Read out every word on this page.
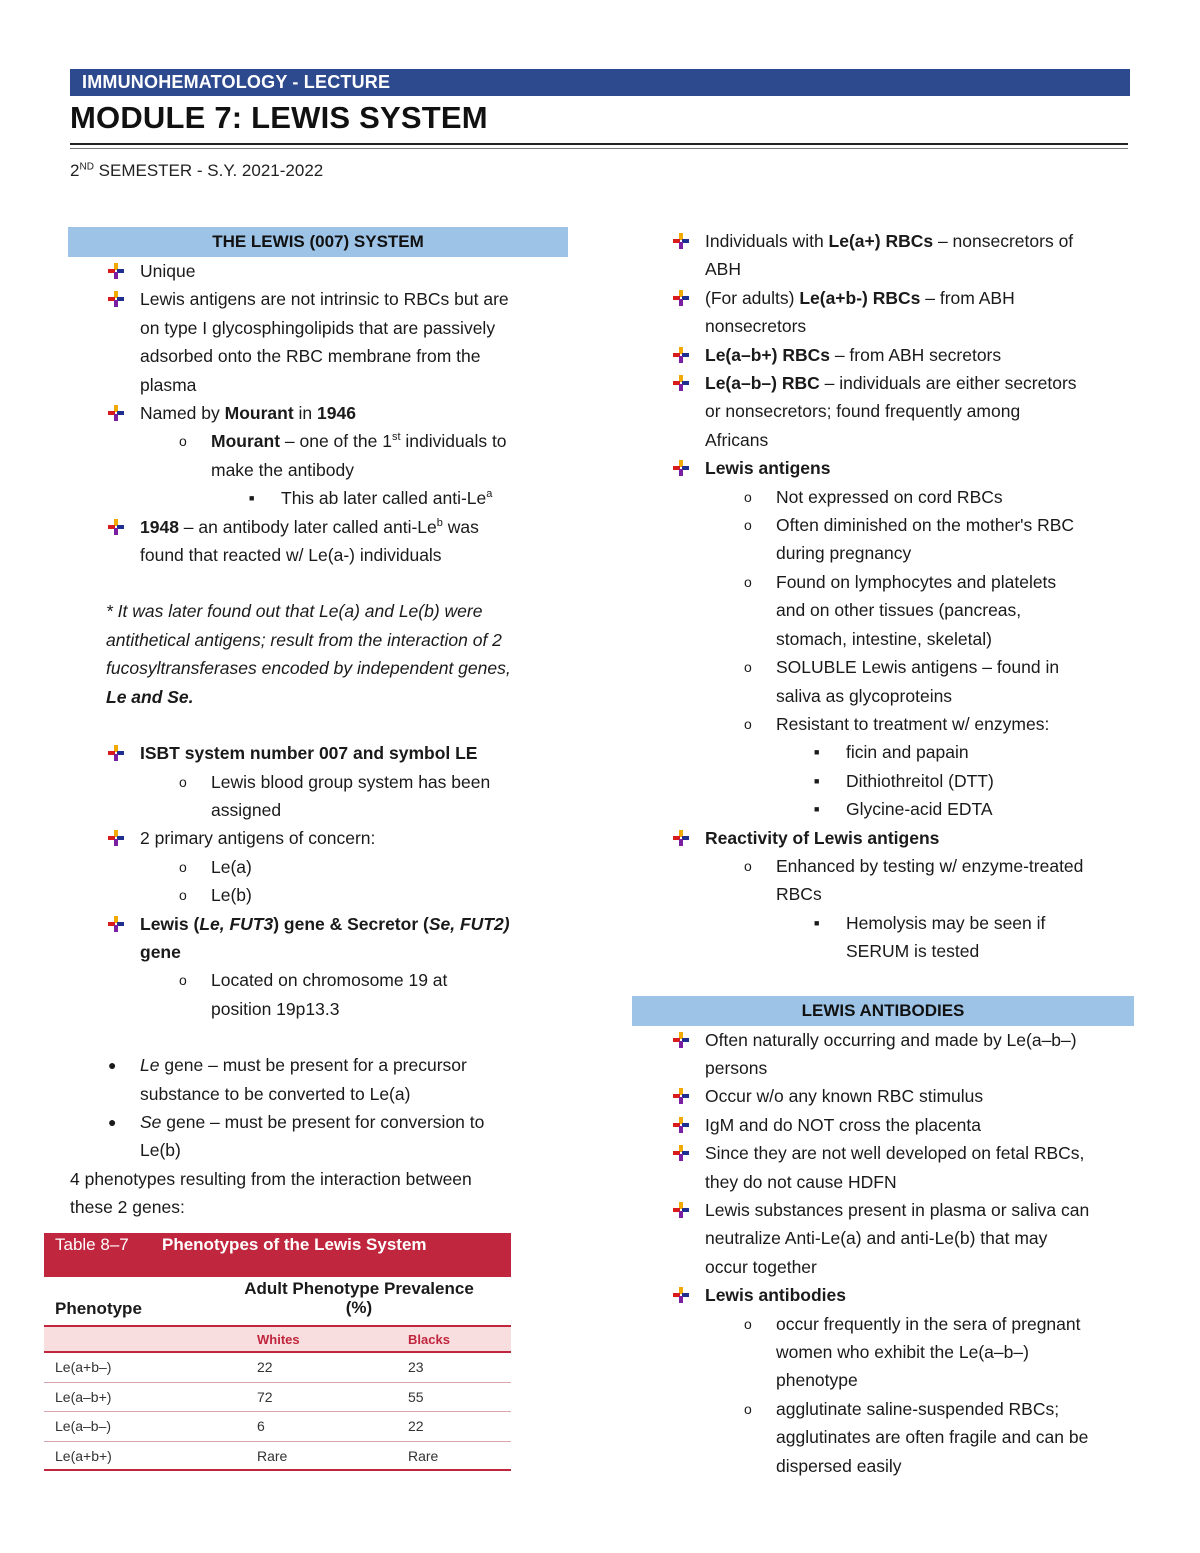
IMMUNOHEMATOLOGY - LECTURE
MODULE 7: LEWIS SYSTEM
2ND SEMESTER - S.Y. 2021-2022
THE LEWIS (007) SYSTEM
Unique
Lewis antigens are not intrinsic to RBCs but are
on type I glycosphingolipids that are passively
adsorbed onto the RBC membrane from the
plasma
Named by Mourant in 1946
o Mourant – one of the 1st individuals to
make the antibody
■ This ab later called anti-Le$^a$
1948 – an antibody later called anti-Le$^b$ was
found that reacted w/ Le(a-) individuals
* It was later found out that Le(a) and Le(b) were
antithetical antigens; result from the interaction of 2
fucosyltransferases encoded by independent genes,
Le and Se.
ISBT system number 007 and symbol LE
o Lewis blood group system has been
assigned
2 primary antigens of concern:
o Le(a)
o Le(b)
Lewis (Le, FUT3) gene & Secretor (Se, FUT2)
gene
o Located on chromosome 19 at
position 19p13.3
● Le gene – must be present for a precursor
substance to be converted to Le(a)
● Se gene – must be present for conversion to
Le(b)
4 phenotypes resulting from the interaction between
these 2 genes:
Table 8–7 Phenotypes of the Lewis System
Phenotype
Adult Phenotype Prevalence (%)
Whites	Blacks
Le(a+b–)	22	23
Le(a–b+)	72	55
Le(a–b–)	6	22
Le(a+b+)	Rare	Rare
Individuals with Le(a+) RBCs – nonsecretors of
ABH
(For adults) Le(a+b-) RBCs – from ABH
nonsecretors
Le(a–b+) RBCs – from ABH secretors
Le(a–b–) RBC – individuals are either secretors
or nonsecretors; found frequently among
Africans
Lewis antigens
o Not expressed on cord RBCs
o Often diminished on the mother's RBC
during pregnancy
o Found on lymphocytes and platelets
and on other tissues (pancreas,
stomach, intestine, skeletal)
o SOLUBLE Lewis antigens – found in
saliva as glycoproteins
o Resistant to treatment w/ enzymes:
■ ficin and papain
■ Dithiothreitol (DTT)
■ Glycine-acid EDTA
Reactivity of Lewis antigens
o Enhanced by testing w/ enzyme-treated
RBCs
■ Hemolysis may be seen if
SERUM is tested
LEWIS ANTIBODIES
Often naturally occurring and made by Le(a–b–)
persons
Occur w/o any known RBC stimulus
IgM and do NOT cross the placenta
Since they are not well developed on fetal RBCs,
they do not cause HDFN
Lewis substances present in plasma or saliva can
neutralize Anti-Le(a) and anti-Le(b) that may
occur together
Lewis antibodies
o occur frequently in the sera of pregnant
women who exhibit the Le(a–b–)
phenotype
o agglutinate saline-suspended RBCs;
agglutinates are often fragile and can be
dispersed easily
